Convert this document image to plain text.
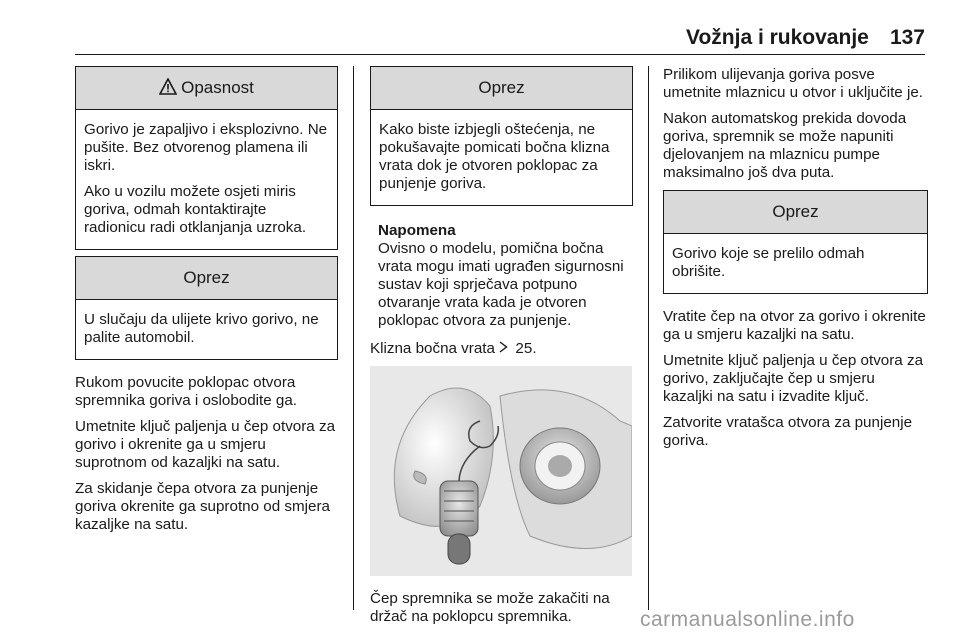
Vožnja i rukovanje 137
Opasnost

Gorivo je zapaljivo i eksplozivno. Ne pušite. Bez otvorenog plamena ili iskri.

Ako u vozilu možete osjeti miris goriva, odmah kontaktirajte radionicu radi otklanjanja uzroka.

Oprez

U slučaju da ulijete krivo gorivo, ne palite automobil.

Rukom povucite poklopac otvora spremnika goriva i oslobodite ga.

Umetnite ključ paljenja u čep otvora za gorivo i okrenite ga u smjeru suprotnom od kazaljki na satu.

Za skidanje čepa otvora za punjenje goriva okrenite ga suprotno od smjera kazaljke na satu.

Oprez

Kako biste izbjegli oštećenja, ne pokušavajte pomicati bočna klizna vrata dok je otvoren poklopac za punjenje goriva.

Napomena
Ovisno o modelu, pomična bočna vrata mogu imati ugrađen sigurnosni sustav koji sprječava potpuno otvaranje vrata kada je otvoren poklopac otvora za punjenje.

Klizna bočna vrata 25.

Čep spremnika se može zakačiti na držač na poklopcu spremnika.

Prilikom ulijevanja goriva posve umetnite mlaznicu u otvor i uključite je.

Nakon automatskog prekida dovoda goriva, spremnik se može napuniti djelovanjem na mlaznicu pumpe maksimalno još dva puta.

Oprez

Gorivo koje se prelilo odmah obrišite.

Vratite čep na otvor za gorivo i okrenite ga u smjeru kazaljki na satu.

Umetnite ključ paljenja u čep otvora za gorivo, zaključajte čep u smjeru kazaljki na satu i izvadite ključ.

Zatvorite vratašca otvora za punjenje goriva.

carmanualsonline.info
